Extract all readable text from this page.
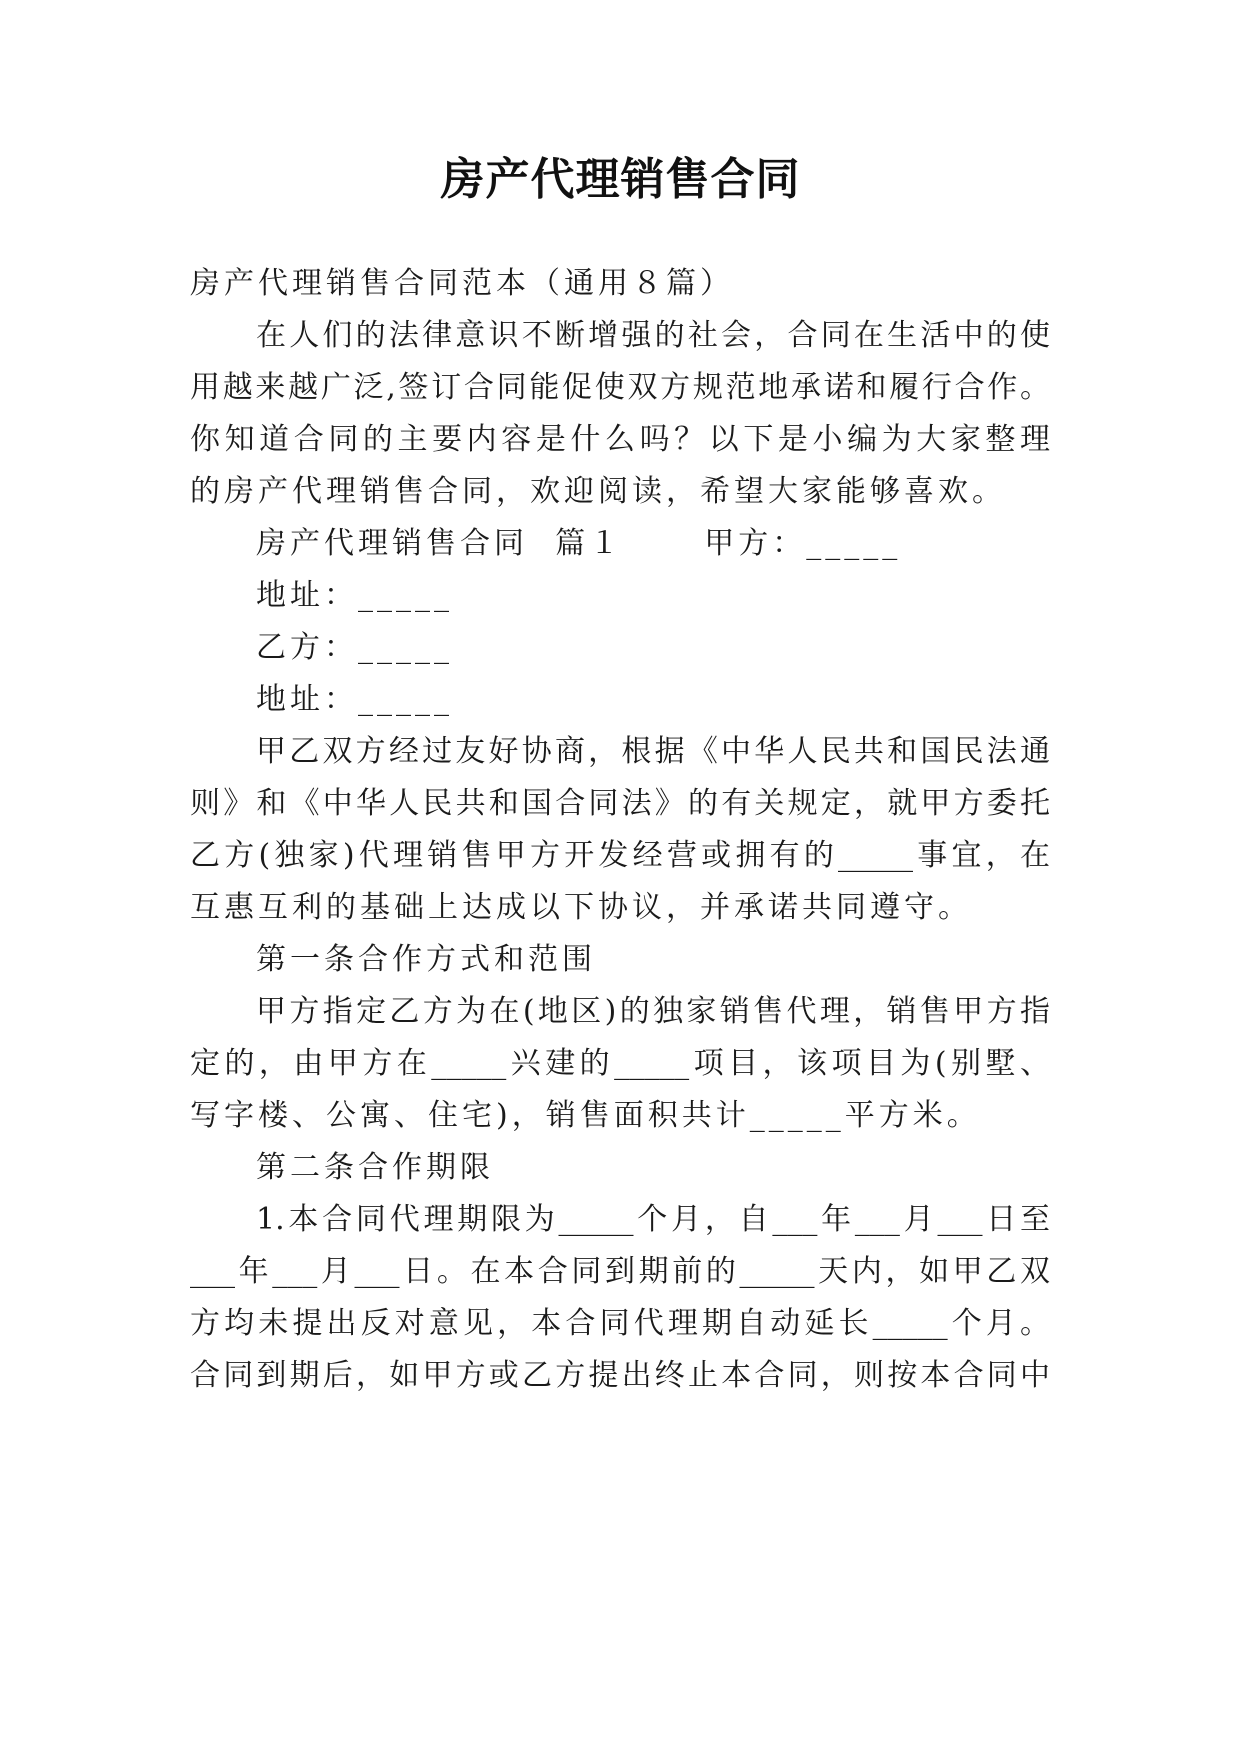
房产代理销售合同
房产代理销售合同范本（通用８篇）
在人们的法律意识不断增强的社会，合同在生活中的使
用越来越广泛,签订合同能促使双方规范地承诺和履行合作。
你知道合同的主要内容是什么吗？以下是小编为大家整理
的房产代理销售合同，欢迎阅读，希望大家能够喜欢。
房产代理销售合同  篇１      甲方：_____
地址：_____
乙方：_____
地址：_____
甲乙双方经过友好协商，根据《中华人民共和国民法通
则》和《中华人民共和国合同法》的有关规定，就甲方委托
乙方(独家)代理销售甲方开发经营或拥有的_____事宜，在
互惠互利的基础上达成以下协议，并承诺共同遵守。
第一条合作方式和范围
甲方指定乙方为在(地区)的独家销售代理，销售甲方指
定的，由甲方在_____兴建的_____项目，该项目为(别墅、
写字楼、公寓、住宅)，销售面积共计_____平方米。
第二条合作期限
1.本合同代理期限为_____个月，自___年___月___日至
___年___月___日。在本合同到期前的_____天内，如甲乙双
方均未提出反对意见，本合同代理期自动延长_____个月。
合同到期后，如甲方或乙方提出终止本合同，则按本合同中
